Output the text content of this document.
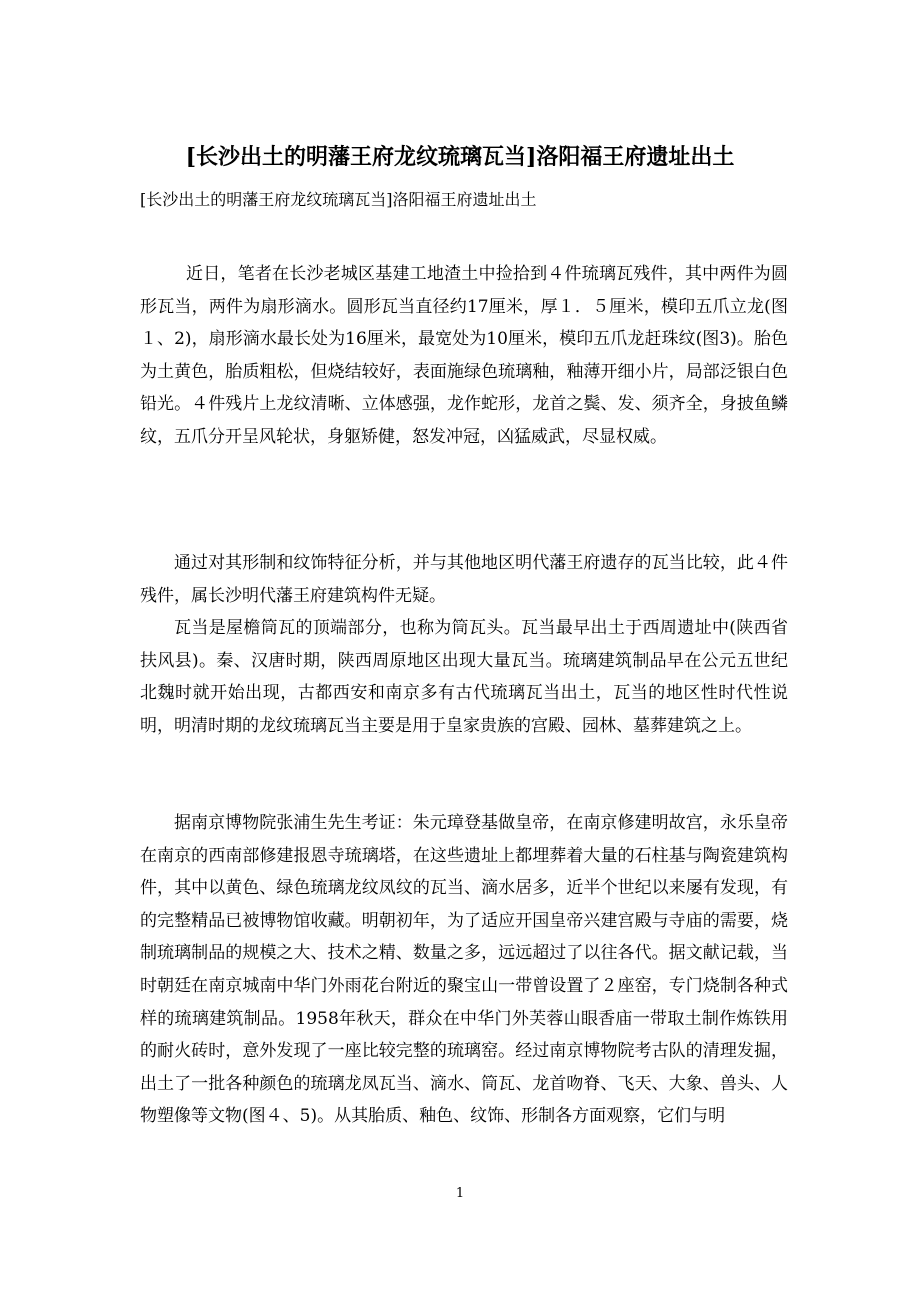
[长沙出土的明藩王府龙纹琉璃瓦当]洛阳福王府遗址出土
[长沙出土的明藩王府龙纹琉璃瓦当]洛阳福王府遗址出土

近日，笔者在长沙老城区基建工地渣土中捡拾到４件琉璃瓦残件，其中两件为圆形瓦当，两件为扇形滴水。圆形瓦当直径约17厘米，厚１．５厘米，模印五爪立龙(图１、2)，扇形滴水最长处为16厘米，最宽处为10厘米，模印五爪龙赶珠纹(图3)。胎色为土黄色，胎质粗松，但烧结较好，表面施绿色琉璃釉，釉薄开细小片，局部泛银白色铅光。４件残片上龙纹清晰、立体感强，龙作蛇形，龙首之鬓、发、须齐全，身披鱼鳞纹，五爪分开呈风轮状，身躯矫健，怒发冲冠，凶猛威武，尽显权威。

通过对其形制和纹饰特征分析，并与其他地区明代藩王府遗存的瓦当比较，此４件残件，属长沙明代藩王府建筑构件无疑。

瓦当是屋檐筒瓦的顶端部分，也称为筒瓦头。瓦当最早出土于西周遗址中(陕西省扶风县)。秦、汉唐时期，陕西周原地区出现大量瓦当。琉璃建筑制品早在公元五世纪北魏时就开始出现，古都西安和南京多有古代琉璃瓦当出土，瓦当的地区性时代性说明，明清时期的龙纹琉璃瓦当主要是用于皇家贵族的宫殿、园林、墓葬建筑之上。

据南京博物院张浦生先生考证：朱元璋登基做皇帝，在南京修建明故宫，永乐皇帝在南京的西南部修建报恩寺琉璃塔，在这些遗址上都埋葬着大量的石柱基与陶瓷建筑构件，其中以黄色、绿色琉璃龙纹凤纹的瓦当、滴水居多，近半个世纪以来屡有发现，有的完整精品已被博物馆收藏。明朝初年，为了适应开国皇帝兴建宫殿与寺庙的需要，烧制琉璃制品的规模之大、技术之精、数量之多，远远超过了以往各代。据文献记载，当时朝廷在南京城南中华门外雨花台附近的聚宝山一带曾设置了２座窑，专门烧制各种式样的琉璃建筑制品。1958年秋天，群众在中华门外芙蓉山眼香庙一带取土制作炼铁用的耐火砖时，意外发现了一座比较完整的琉璃窑。经过南京博物院考古队的清理发掘，出土了一批各种颜色的琉璃龙凤瓦当、滴水、筒瓦、龙首吻脊、飞天、大象、兽头、人物塑像等文物(图４、5)。从其胎质、釉色、纹饰、形制各方面观察，它们与明

1
